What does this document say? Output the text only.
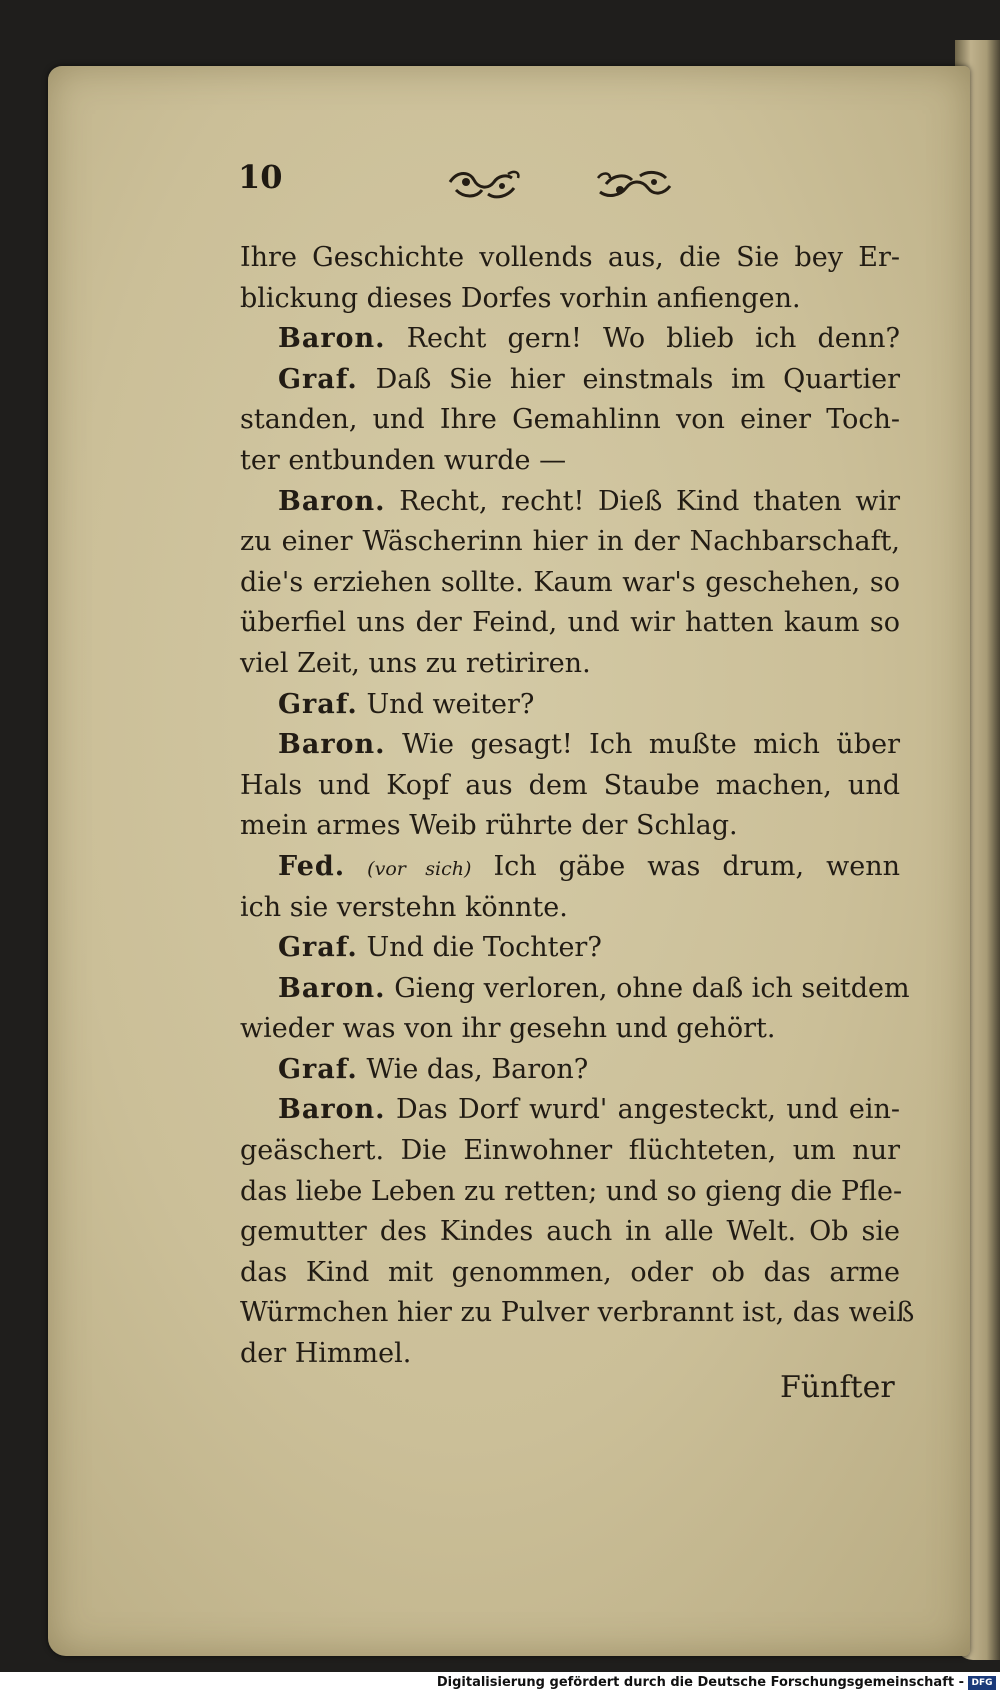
10
Ihre Geschichte vollends aus, die Sie bey Er-
blickung dieses Dorfes vorhin anfiengen.
Baron. Recht gern! Wo blieb ich denn?
Graf. Daß Sie hier einstmals im Quartier
standen, und Ihre Gemahlinn von einer Toch-
ter entbunden wurde —
Baron. Recht, recht! Dieß Kind thaten wir
zu einer Wäscherinn hier in der Nachbarschaft,
die's erziehen sollte. Kaum war's geschehen, so
überfiel uns der Feind, und wir hatten kaum so
viel Zeit, uns zu retiriren.
Graf. Und weiter?
Baron. Wie gesagt! Ich mußte mich über
Hals und Kopf aus dem Staube machen, und
mein armes Weib rührte der Schlag.
Fed. (vor sich) Ich gäbe was drum, wenn
ich sie verstehn könnte.
Graf. Und die Tochter?
Baron. Gieng verloren, ohne daß ich seitdem
wieder was von ihr gesehn und gehört.
Graf. Wie das, Baron?
Baron. Das Dorf wurd' angesteckt, und ein-
geäschert. Die Einwohner flüchteten, um nur
das liebe Leben zu retten; und so gieng die Pfle-
gemutter des Kindes auch in alle Welt. Ob sie
das Kind mit genommen, oder ob das arme
Würmchen hier zu Pulver verbrannt ist, das weiß
der Himmel.
Fünfter
Digitalisierung gefördert durch die Deutsche Forschungsgemeinschaft - DFG
